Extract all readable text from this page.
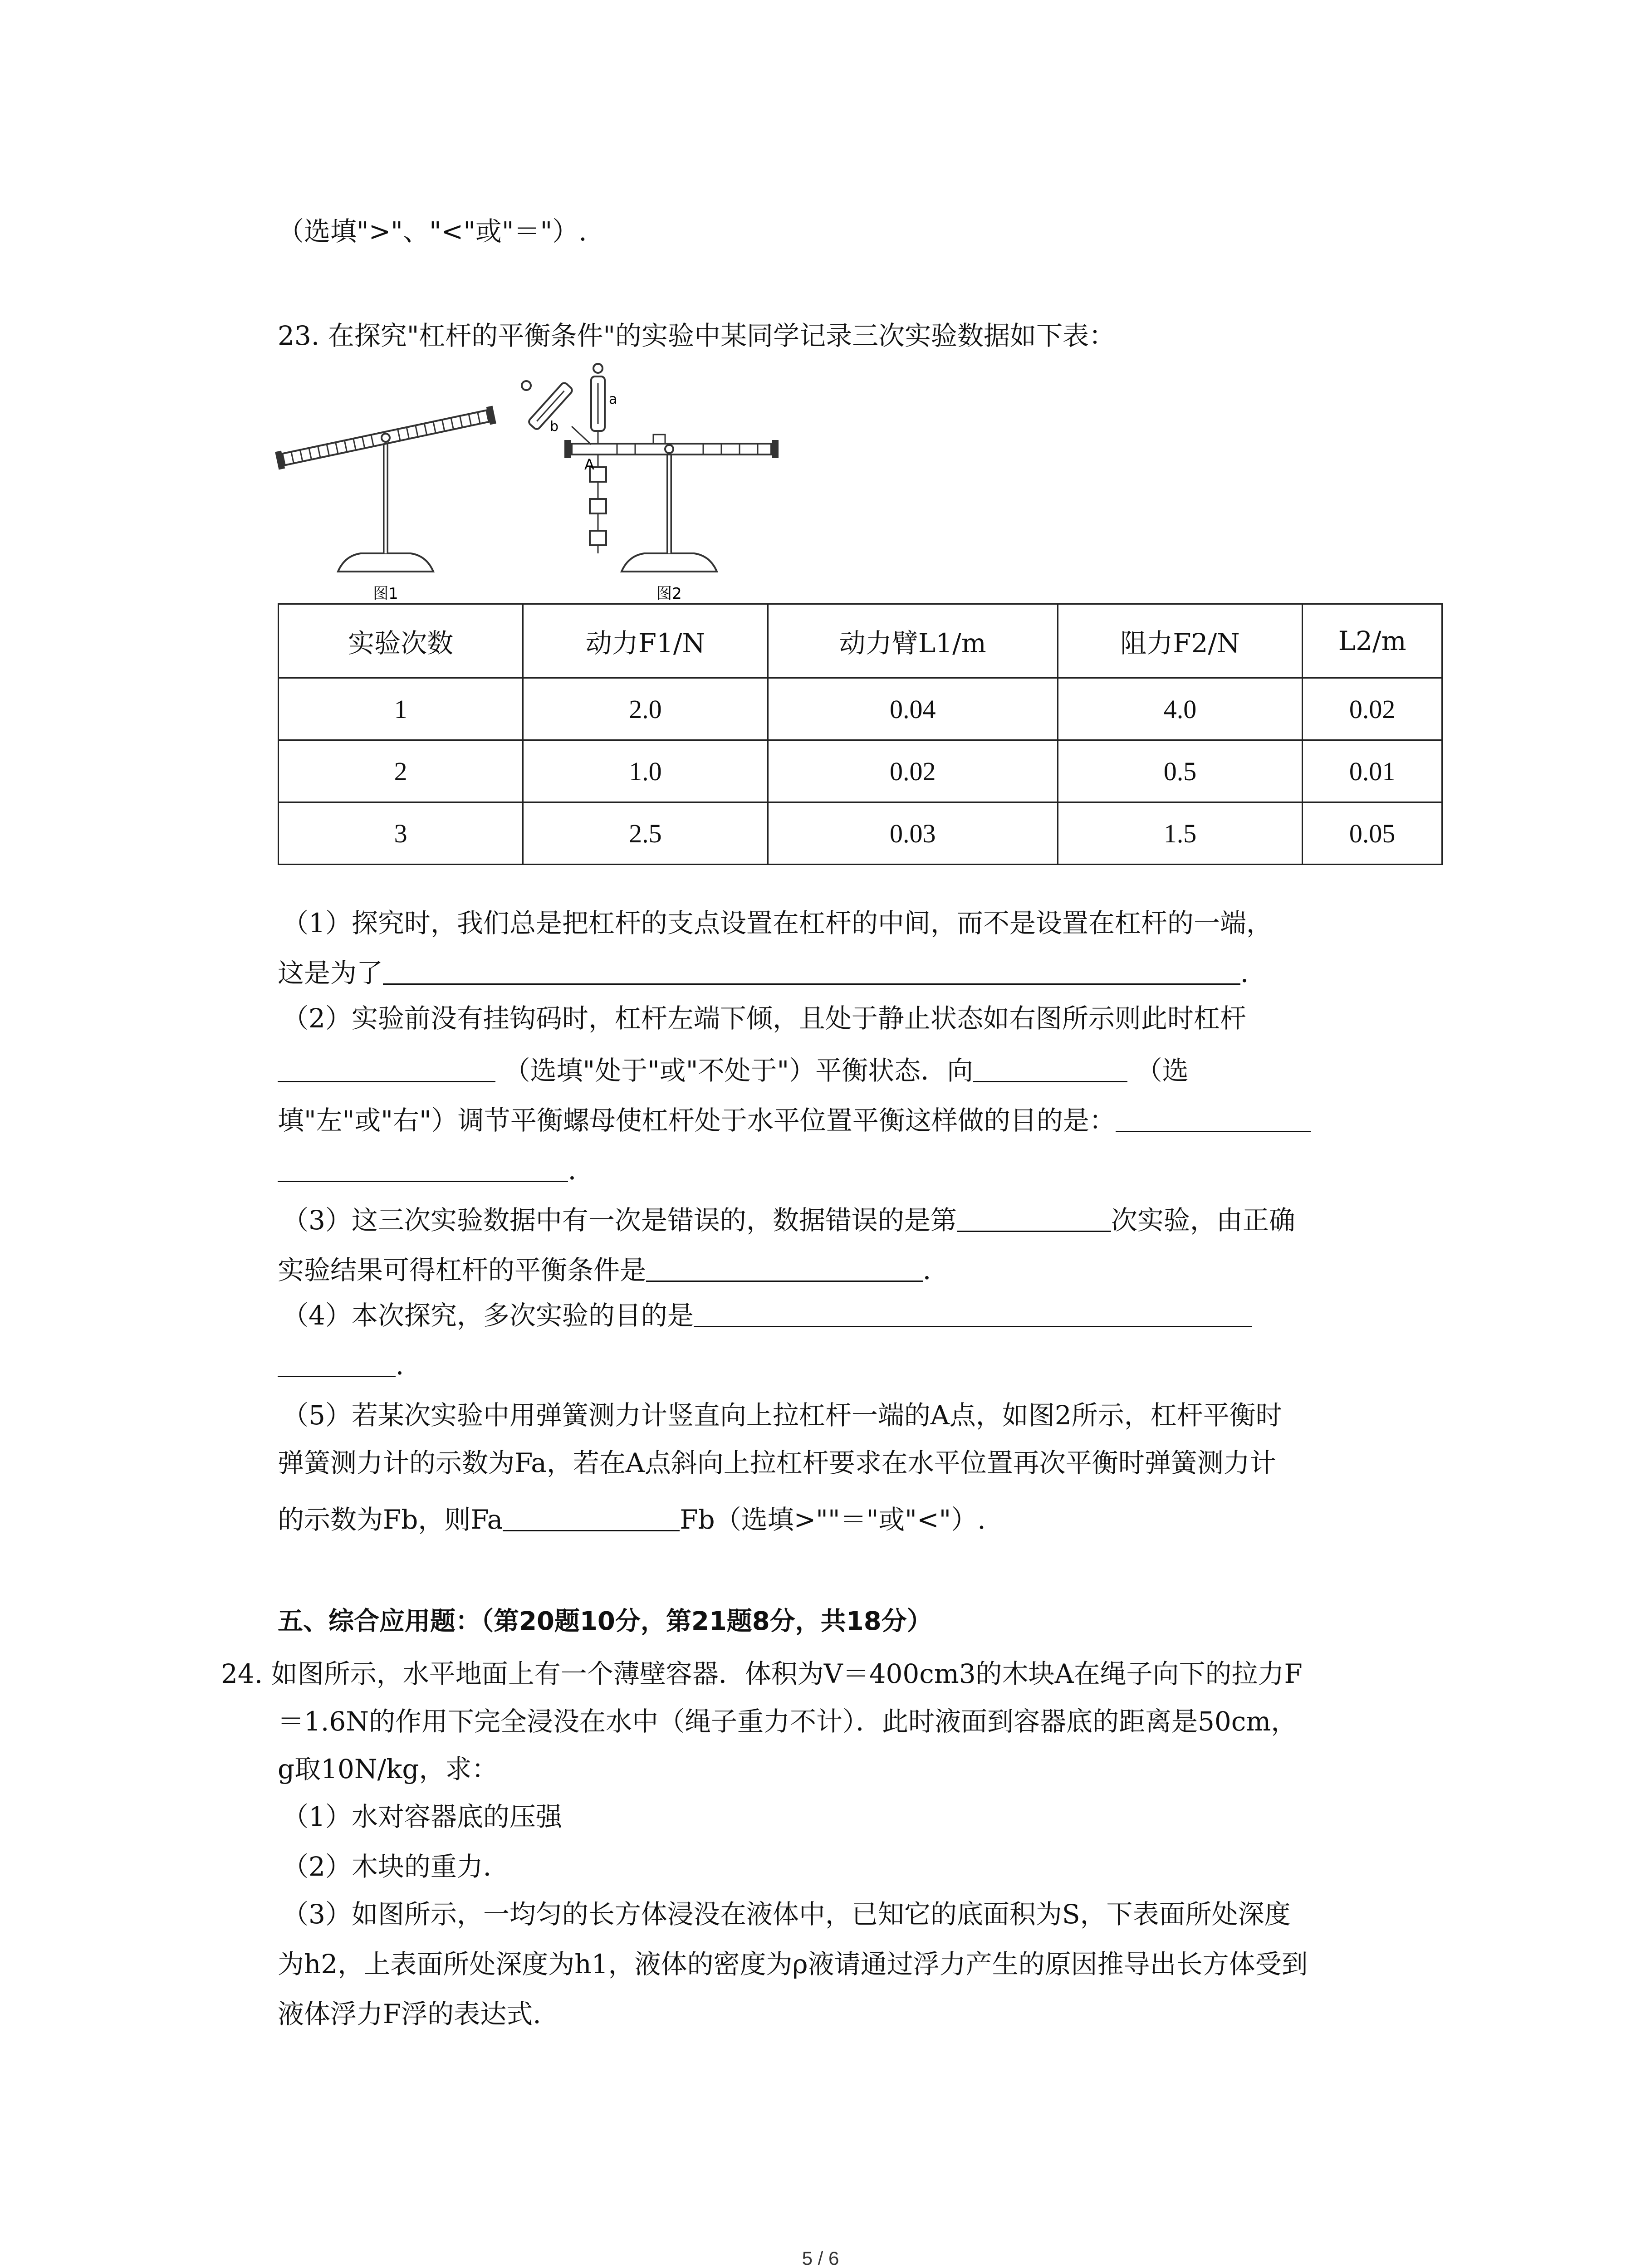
（选填">"、"<"或"＝"）.
23. 在探究"杠杆的平衡条件"的实验中某同学记录三次实验数据如下表：
图1
a
b
A
图2
实验次数	动力F1/N	动力臂L1/m	阻力F2/N	L2/m
1	2.0	0.04	4.0	0.02
2	1.0	0.02	0.5	0.01
3	2.5	0.03	1.5	0.05
（1）探究时，我们总是把杠杆的支点设置在杠杆的中间，而不是设置在杠杆的一端，
这是为了	．
（2）实验前没有挂钩码时，杠杆左端下倾，且处于静止状态如右图所示则此时杠杆
（选填"处于"或"不处于"）平衡状态．向	（选
填"左"或"右"）调节平衡螺母使杠杆处于水平位置平衡这样做的目的是：
．
（3）这三次实验数据中有一次是错误的，数据错误的是第	次实验，由正确
实验结果可得杠杆的平衡条件是	．
（4）本次探究，多次实验的目的是
．
（5）若某次实验中用弹簧测力计竖直向上拉杠杆一端的A点，如图2所示，杠杆平衡时
弹簧测力计的示数为Fa，若在A点斜向上拉杠杆要求在水平位置再次平衡时弹簧测力计
的示数为Fb，则Fa	Fb（选填>""＝"或"<"）.
五、综合应用题：（第20题10分，第21题8分，共18分）
24. 如图所示，水平地面上有一个薄壁容器．体积为V＝400cm3的木块A在绳子向下的拉力F
＝1.6N的作用下完全浸没在水中（绳子重力不计）．此时液面到容器底的距离是50cm，
g取10N/kg，求：
（1）水对容器底的压强
（2）木块的重力．
（3）如图所示，一均匀的长方体浸没在液体中，已知它的底面积为S，下表面所处深度
为h2，上表面所处深度为h1，液体的密度为ρ液请通过浮力产生的原因推导出长方体受到
液体浮力F浮的表达式.
5 / 6
